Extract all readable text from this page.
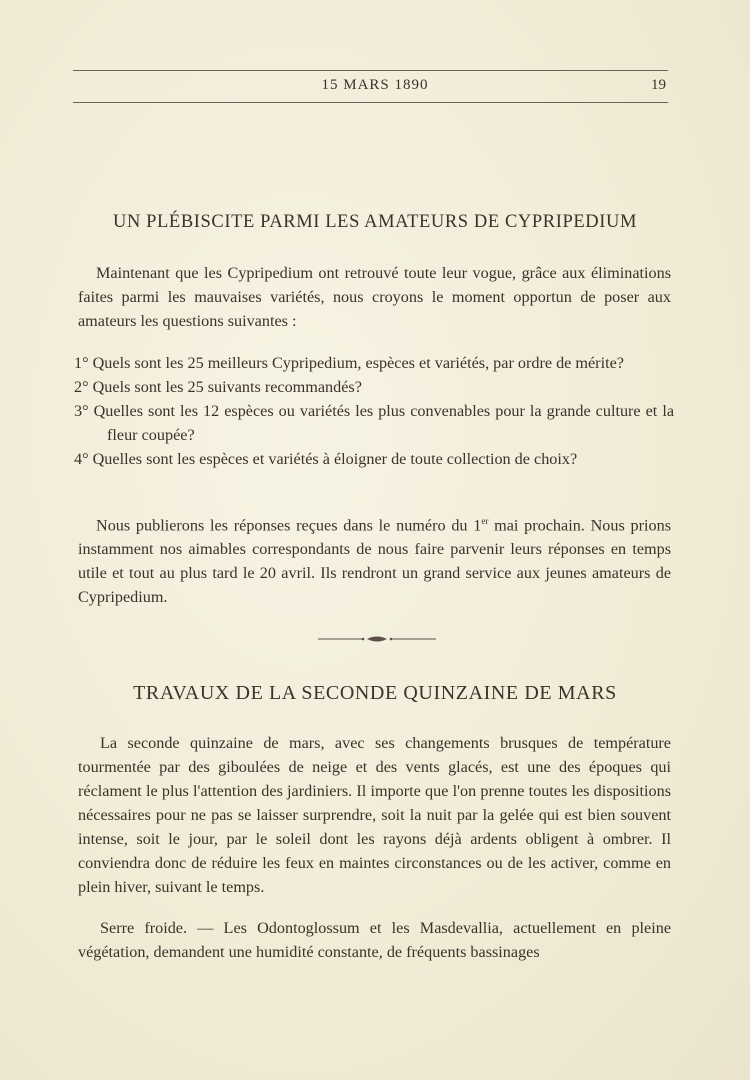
15 MARS 1890	19
UN PLÉBISCITE PARMI LES AMATEURS DE CYPRIPEDIUM

Maintenant que les Cypripedium ont retrouvé toute leur vogue, grâce aux éliminations faites parmi les mauvaises variétés, nous croyons le moment opportun de poser aux amateurs les questions suivantes :

1° Quels sont les 25 meilleurs Cypripedium, espèces et variétés, par ordre de mérite?
2° Quels sont les 25 suivants recommandés?
3° Quelles sont les 12 espèces ou variétés les plus convenables pour la grande culture et la fleur coupée?
4° Quelles sont les espèces et variétés à éloigner de toute collection de choix?

Nous publierons les réponses reçues dans le numéro du 1er mai prochain. Nous prions instamment nos aimables correspondants de nous faire parvenir leurs réponses en temps utile et tout au plus tard le 20 avril. Ils rendront un grand service aux jeunes amateurs de Cypripedium.

TRAVAUX DE LA SECONDE QUINZAINE DE MARS

La seconde quinzaine de mars, avec ses changements brusques de température tourmentée par des giboulées de neige et des vents glacés, est une des époques qui réclament le plus l'attention des jardiniers. Il importe que l'on prenne toutes les dispositions nécessaires pour ne pas se laisser surprendre, soit la nuit par la gelée qui est bien souvent intense, soit le jour, par le soleil dont les rayons déjà ardents obligent à ombrer. Il conviendra donc de réduire les feux en maintes circonstances ou de les activer, comme en plein hiver, suivant le temps.

Serre froide. — Les Odontoglossum et les Masdevallia, actuellement en pleine végétation, demandent une humidité constante, de fréquents bassinages
